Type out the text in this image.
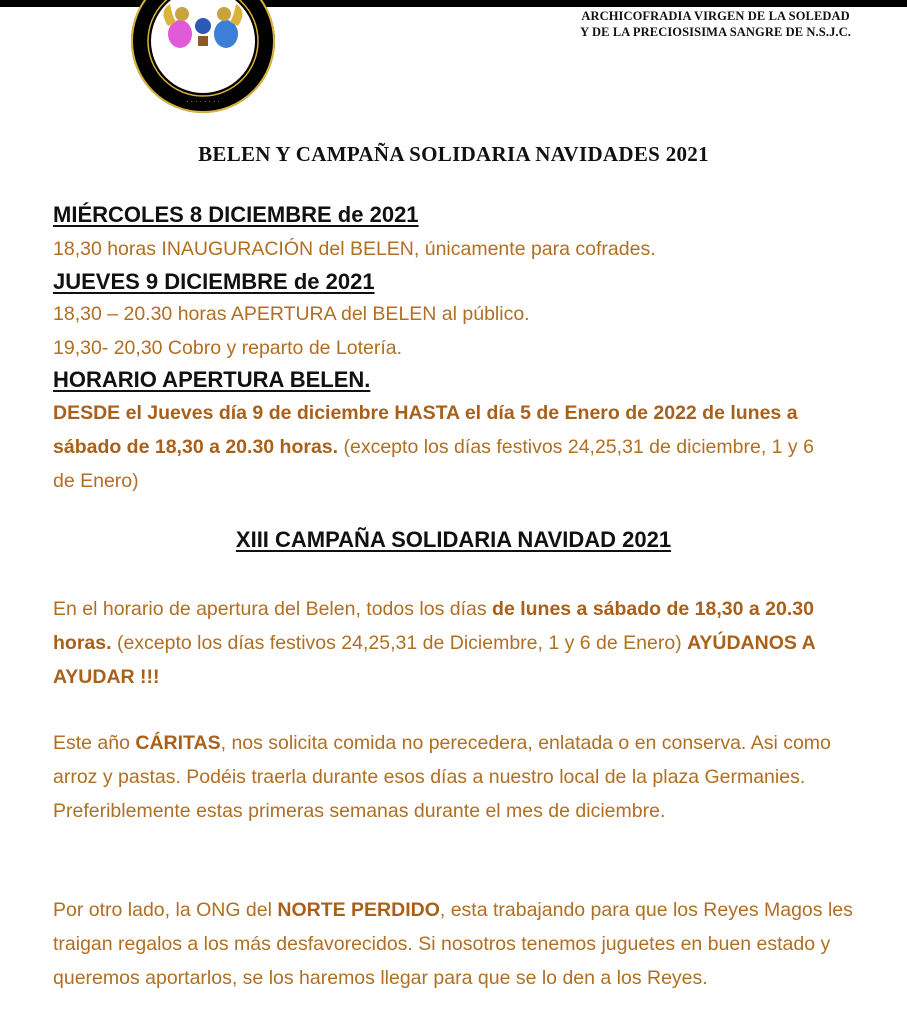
· · · · · · · ·
ARCHICOFRADIA VIRGEN DE LA SOLEDAD
Y DE LA PRECIOSISIMA SANGRE DE N.S.J.C.
BELEN Y CAMPAÑA SOLIDARIA NAVIDADES 2021
MIÉRCOLES 8 DICIEMBRE de 2021
18,30 horas INAUGURACIÓN del BELEN, únicamente para cofrades.
JUEVES 9 DICIEMBRE de 2021
18,30 – 20.30 horas APERTURA del BELEN al público.
19,30- 20,30 Cobro y reparto de Lotería.
HORARIO APERTURA BELEN.
DESDE el Jueves día 9 de diciembre HASTA el día 5 de Enero de 2022 de lunes a sábado de 18,30 a 20.30 horas. (excepto los días festivos 24,25,31 de diciembre, 1 y 6 de Enero)
XIII CAMPAÑA SOLIDARIA NAVIDAD 2021
En el horario de apertura del Belen, todos los días de lunes a sábado de 18,30 a 20.30 horas. (excepto los días festivos 24,25,31 de Diciembre, 1 y 6 de Enero) AYÚDANOS A AYUDAR !!!
Este año CÁRITAS, nos solicita comida no perecedera, enlatada o en conserva. Asi como arroz y pastas. Podéis traerla durante esos días a nuestro local de la plaza Germanies. Preferiblemente estas primeras semanas durante el mes de diciembre.
Por otro lado, la ONG del NORTE PERDIDO, esta trabajando para que los Reyes Magos les traigan regalos a los más desfavorecidos. Si nosotros tenemos juguetes en buen estado y queremos aportarlos, se los haremos llegar para que se lo den a los Reyes.
